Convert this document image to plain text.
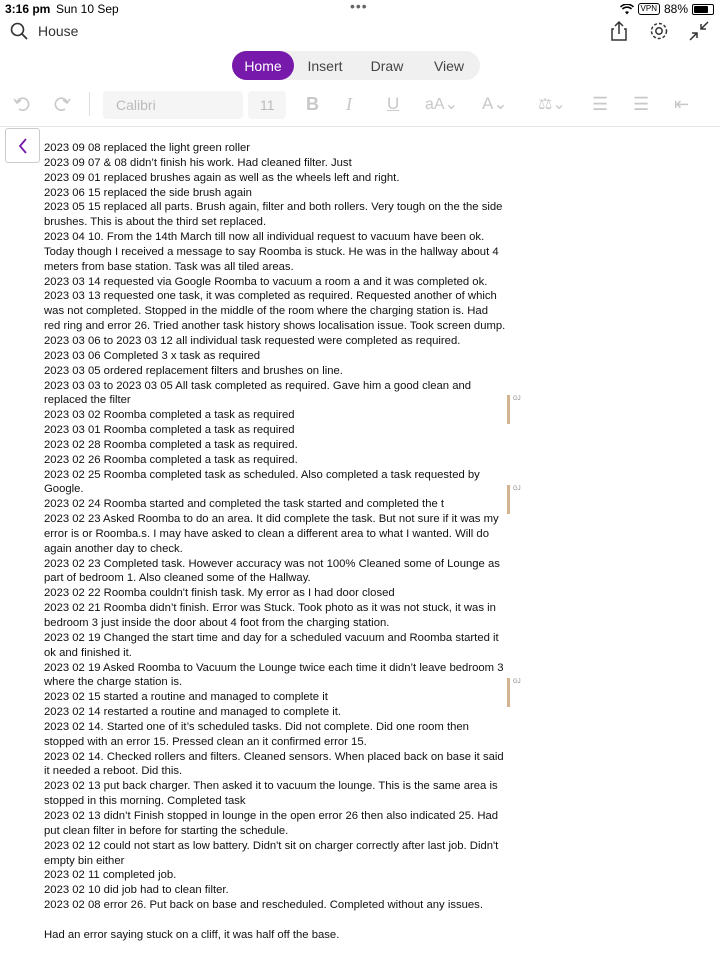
3:16 pm Sun 10 Sep	•••	VPN 88%
House
Home	Insert	Draw	View
Calibri	11	B I U aA⌄ A⌄ ⚖⌄ ☰ ☰ ⇤

2023 09 08 replaced the light green roller

2023 09 07 & 08 didn’t finish his work. Had cleaned filter. Just

2023 09 01 replaced brushes again as well as the wheels left and right.

2023 06 15 replaced the side brush again

2023 05 15 replaced all parts. Brush again, filter and both rollers. Very tough on the the side brushes. This is about the third set replaced.

2023 04 10. From the 14th March till now all individual request to vacuum have been ok. Today though I received a message to say Roomba is stuck. He was in the hallway about 4 meters from base station. Task was all tiled areas.

2023 03 14 requested via Google Roomba to vacuum a room a and it was completed ok.

2023 03 13 requested one task, it was completed as required. Requested another of which was not completed. Stopped in the middle of the room where the charging station is. Had red ring and error 26. Tried another task history shows localisation issue. Took screen dump.

2023 03 06 to 2023 03 12 all individual task requested were completed as required.

2023 03 06 Completed 3 x task as required

2023 03 05 ordered replacement filters and brushes on line.

2023 03 03 to 2023 03 05 All task completed as required. Gave him a good clean and replaced the filter

2023 03 02 Roomba completed a task as required

2023 03 01 Roomba completed a task as required

2023 02 28 Roomba completed a task as required.

2023 02 26 Roomba completed a task as required.

2023 02 25 Roomba completed task as scheduled. Also completed a task requested by Google.

2023 02 24 Roomba started and completed the task started and completed the t

2023 02 23 Asked Roomba to do an area. It did complete the task. But not sure if it was my error is or Roomba.s. I may have asked to clean a different area to what I wanted. Will do again another day to check.

2023 02 23 Completed task. However accuracy was not 100% Cleaned some of Lounge as part of bedroom 1. Also cleaned some of the Hallway.

2023 02 22 Roomba couldn't finish task. My error as I had door closed

2023 02 21 Roomba didn’t finish. Error was Stuck. Took photo as it was not stuck, it was in bedroom 3 just inside the door about 4 foot from the charging station.

2023 02 19 Changed the start time and day for a scheduled vacuum and Roomba started it ok and finished it.

2023 02 19 Asked Roomba to Vacuum the Lounge twice each time it didn’t leave bedroom 3 where the charge station is.

2023 02 15 started a routine and managed to complete it

2023 02 14 restarted a routine and managed to complete it.

2023 02 14. Started one of it’s scheduled tasks. Did not complete. Did one room then stopped with an error 15. Pressed clean an it confirmed error 15.

2023 02 14. Checked rollers and filters. Cleaned sensors. When placed back on base it said it needed a reboot. Did this.

2023 02 13 put back charger. Then asked it to vacuum the lounge. This is the same area is stopped in this morning. Completed task

2023 02 13 didn’t Finish stopped in lounge in the open error 26 then also indicated 25. Had put clean filter in before for starting the schedule.

2023 02 12 could not start as low battery. Didn't sit on charger correctly after last job. Didn't empty bin either

2023 02 11 completed job.

2023 02 10 did job had to clean filter.

2023 02 08 error 26. Put back on base and rescheduled. Completed without any issues.

Had an error saying stuck on a cliff, it was half off the base.

GJ
GJ
GJ
